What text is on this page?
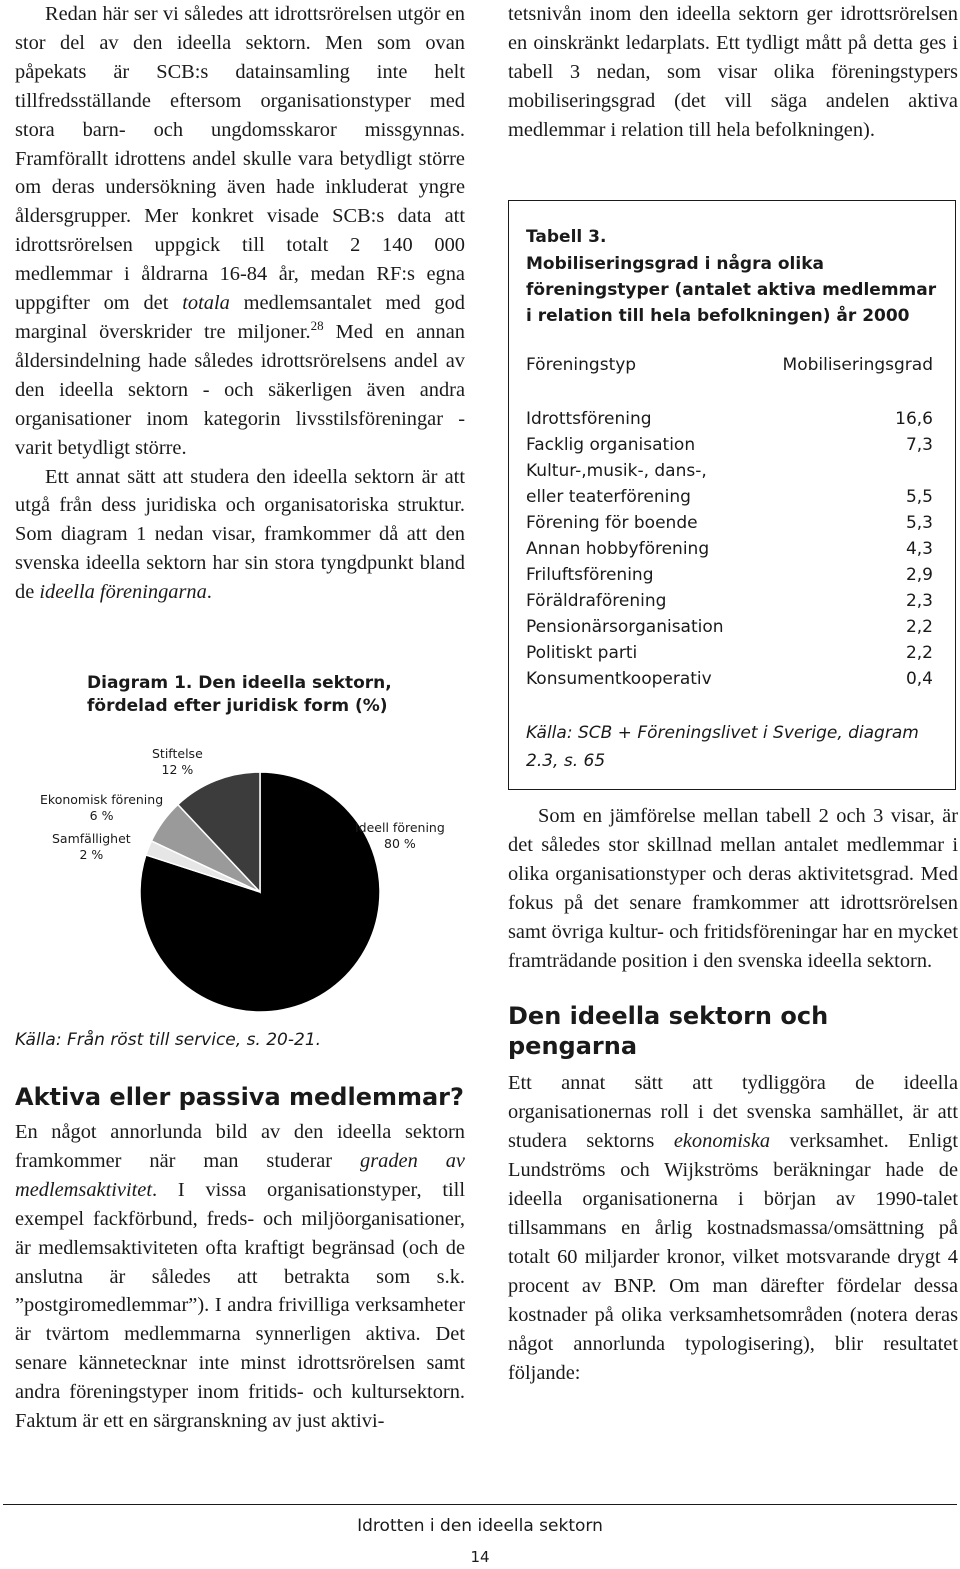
Redan här ser vi således att idrottsrörelsen utgör en stor del av den ideella sektorn. Men som ovan påpekats är SCB:s datainsamling inte helt tillfredsställande eftersom organisationstyper med stora barn- och ungdomsskaror missgynnas. Framförallt idrottens andel skulle vara betydligt större om deras undersökning även hade inkluderat yngre åldersgrupper. Mer konkret visade SCB:s data att idrottsrörelsen uppgick till totalt 2 140 000 medlemmar i åldrarna 16-84 år, medan RF:s egna uppgifter om det totala medlemsantalet med god marginal överskrider tre miljoner.$^{28}$ Med en annan åldersindelning hade således idrottsrörelsens andel av den ideella sektorn - och säkerligen även andra organisationer inom kategorin livsstilsföreningar - varit betydligt större.

Ett annat sätt att studera den ideella sektorn är att utgå från dess juridiska och organisatoriska struktur. Som diagram 1 nedan visar, framkommer då att den svenska ideella sektorn har sin stora tyngdpunkt bland de ideella föreningarna.

Diagram 1. Den ideella sektorn, fördelad efter juridisk form (%)

Stiftelse
12 %
Ekonomisk förening
6 %
Samfällighet
2 %
Ideell förening
80 %
Källa: Från röst till service, s. 20-21.

Aktiva eller passiva medlemmar?

En något annorlunda bild av den ideella sektorn framkommer när man studerar graden av medlemsaktivitet. I vissa organisationstyper, till exempel fackförbund, freds- och miljöorganisationer, är medlemsaktiviteten ofta kraftigt begränsad (och de anslutna är således att betrakta som s.k. ”postgiromedlemmar”). I andra frivilliga verksamheter är tvärtom medlemmarna synnerligen aktiva. Det senare kännetecknar inte minst idrottsrörelsen samt andra föreningstyper inom fritids- och kultursektorn. Faktum är ett en särgranskning av just aktivi-

tetsnivån inom den ideella sektorn ger idrottsrörelsen en oinskränkt ledarplats. Ett tydligt mått på detta ges i tabell 3 nedan, som visar olika föreningstypers mobiliseringsgrad (det vill säga andelen aktiva medlemmar i relation till hela befolkningen).

Tabell 3.

Mobiliseringsgrad i några olika föreningstyper (antalet aktiva medlemmar i relation till hela befolkningen) år 2000

Föreningstyp	Mobiliseringsgrad
Idrottsförening	16,6
Facklig organisation	7,3
Kultur-,musik-, dans-,
eller teaterförening	5,5
Förening för boende	5,3
Annan hobbyförening	4,3
Friluftsförening	2,9
Föräldraförening	2,3
Pensionärsorganisation	2,2
Politiskt parti	2,2
Konsumentkooperativ	0,4

Källa: SCB + Föreningslivet i Sverige, diagram 2.3, s. 65

Som en jämförelse mellan tabell 2 och 3 visar, är det således stor skillnad mellan antalet medlemmar i olika organisationstyper och deras aktivitetsgrad. Med fokus på det senare framkommer att idrottsrörelsen samt övriga kultur- och fritidsföreningar har en mycket framträdande position i den svenska ideella sektorn.

Den ideella sektorn och pengarna

Ett annat sätt att tydliggöra de ideella organisationernas roll i det svenska samhället, är att studera sektorns ekonomiska verksamhet. Enligt Lundströms och Wijkströms beräkningar hade de ideella organisationerna i början av 1990-talet tillsammans en årlig kostnadsmassa/omsättning på totalt 60 miljarder kronor, vilket motsvarande drygt 4 procent av BNP. Om man därefter fördelar dessa kostnader på olika verksamhetsområden (notera deras något annorlunda typologisering), blir resultatet följande:

Idrotten i den ideella sektorn
14
